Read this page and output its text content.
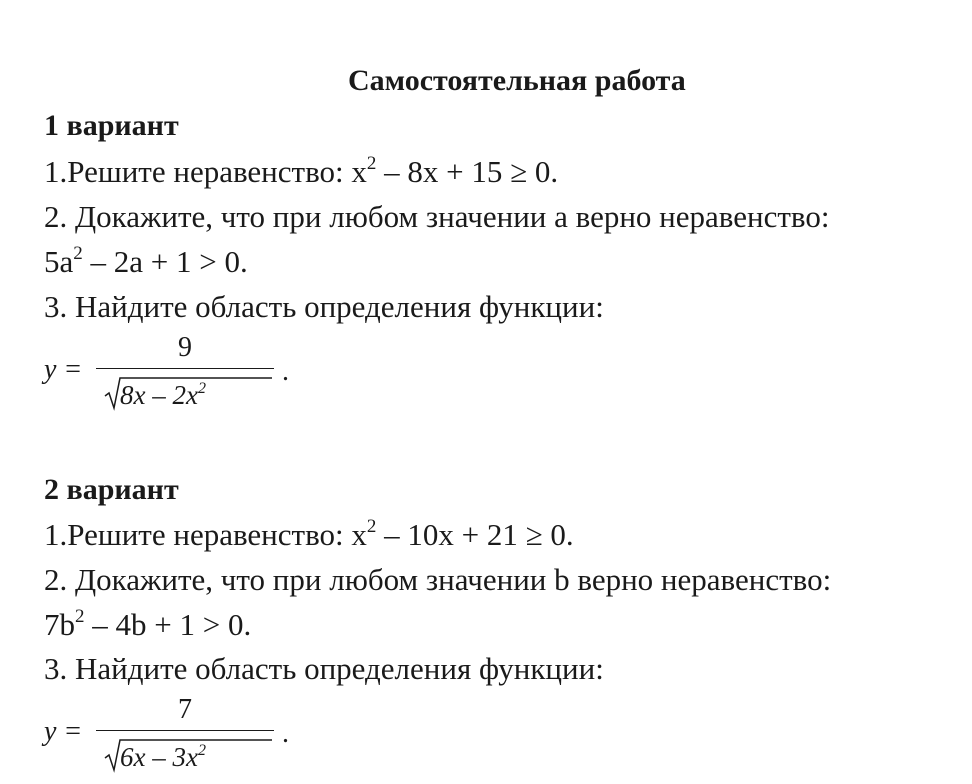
Самостоятельная работа
1 вариант
1.Решите неравенство: $x^2 - 8x + 15 \ge 0$.
2. Докажите, что при любом значении a верно неравенство:
$5a^2 - 2a + 1 > 0$.
3. Найдите область определения функции:
y =
9
$8x - 2x^2$
.
2 вариант
1.Решите неравенство: $x^2 - 10x + 21 \ge 0$.
2. Докажите, что при любом значении b верно неравенство:
$7b^2 - 4b + 1 > 0$.
3. Найдите область определения функции:
y =
7
$6x - 3x^2$
.
